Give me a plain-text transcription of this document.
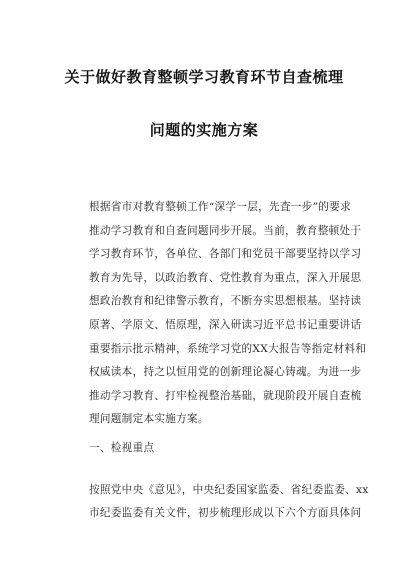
关于做好教育整顿学习教育环节自查梳理
问题的实施方案
根据省市对教育整顿工作“深学一层，先査一步”的要求
推动学习教育和自查问题同步开展。当前，教育整顿处于
学习教育环节，各单位、各部门和党员干部要坚持以学习
教育为先导，以政治教育、党性教育为重点，深入开展思
想政治教育和纪律警示教育，不断夯实思想根基。坚持读
原著、学原文、悟原理，深入研读习近平总书记重要讲话
重要指示批示精神，系统学习党的XX大报告等指定材料和
权威读本，持之以恒用党的创新理论凝心铸魂。为进一步
推动学习教育、打牢检视整治基础，就现阶段开展自查梳
理问题制定本实施方案。
一、检视重点
按照党中央《意见》，中央纪委国家监委、省纪委监委、xx
市纪委监委有关文件，初步梳理形成以下六个方面具体问
